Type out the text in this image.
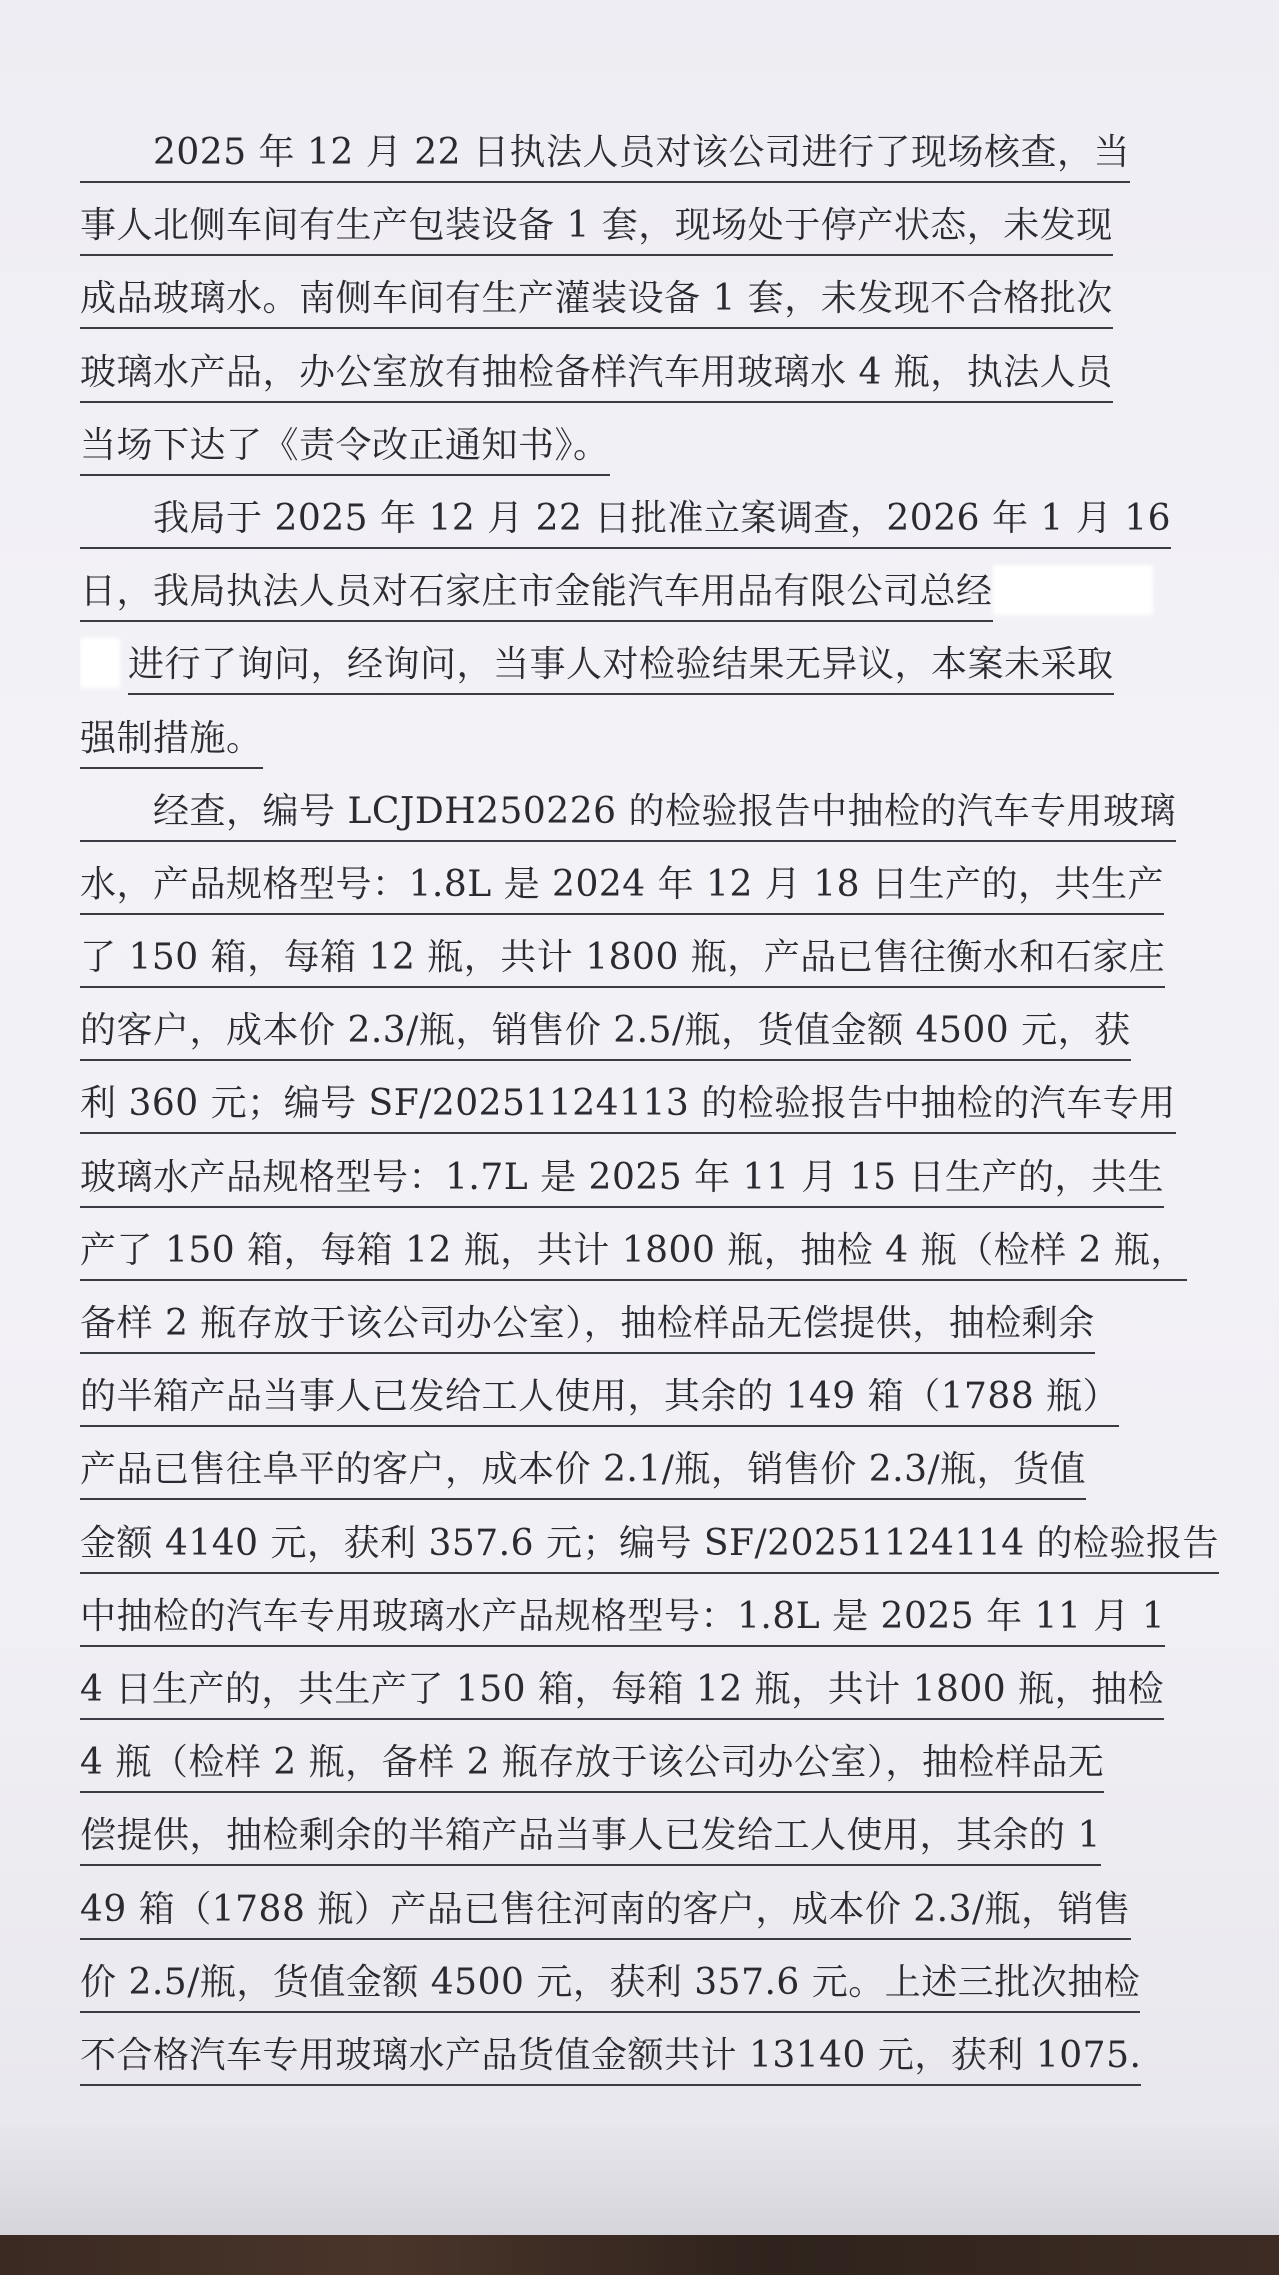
　　2025 年 12 月 22 日执法人员对该公司进行了现场核查，当
事人北侧车间有生产包装设备 1 套，现场处于停产状态，未发现
成品玻璃水。南侧车间有生产灌装设备 1 套，未发现不合格批次
玻璃水产品，办公室放有抽检备样汽车用玻璃水 4 瓶，执法人员
当场下达了《责令改正通知书》。
　　我局于 2025 年 12 月 22 日批准立案调查，2026 年 1 月 16
日，我局执法人员对石家庄市金能汽车用品有限公司总经
进行了询问，经询问，当事人对检验结果无异议，本案未采取
强制措施。
　　经查，编号 LCJDH250226 的检验报告中抽检的汽车专用玻璃
水，产品规格型号：1.8L 是 2024 年 12 月 18 日生产的，共生产
了 150 箱，每箱 12 瓶，共计 1800 瓶，产品已售往衡水和石家庄
的客户，成本价 2.3/瓶，销售价 2.5/瓶，货值金额 4500 元，获
利 360 元；编号 SF/20251124113 的检验报告中抽检的汽车专用
玻璃水产品规格型号：1.7L 是 2025 年 11 月 15 日生产的，共生
产了 150 箱，每箱 12 瓶，共计 1800 瓶，抽检 4 瓶（检样 2 瓶，
备样 2 瓶存放于该公司办公室），抽检样品无偿提供，抽检剩余
的半箱产品当事人已发给工人使用，其余的 149 箱（1788 瓶）
产品已售往阜平的客户，成本价 2.1/瓶，销售价 2.3/瓶，货值
金额 4140 元，获利 357.6 元；编号 SF/20251124114 的检验报告
中抽检的汽车专用玻璃水产品规格型号：1.8L 是 2025 年 11 月 1
4 日生产的，共生产了 150 箱，每箱 12 瓶，共计 1800 瓶，抽检
4 瓶（检样 2 瓶，备样 2 瓶存放于该公司办公室），抽检样品无
偿提供，抽检剩余的半箱产品当事人已发给工人使用，其余的 1
49 箱（1788 瓶）产品已售往河南的客户，成本价 2.3/瓶，销售
价 2.5/瓶，货值金额 4500 元，获利 357.6 元。上述三批次抽检
不合格汽车专用玻璃水产品货值金额共计 13140 元，获利 1075.
